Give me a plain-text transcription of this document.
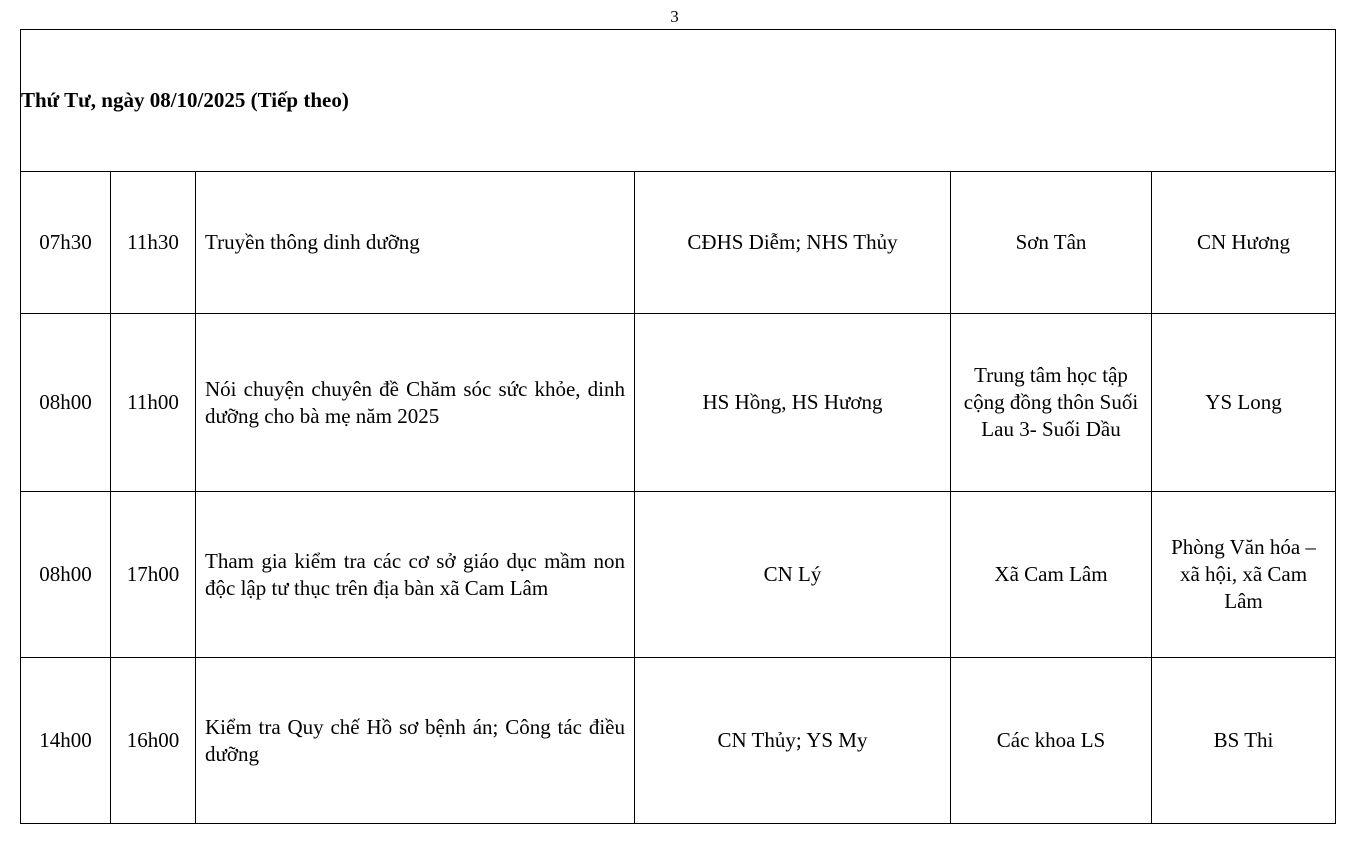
3
Thứ Tư, ngày 08/10/2025 (Tiếp theo)					
07h30	11h30	Truyền thông dinh dưỡng	CĐHS Diễm; NHS Thủy	Sơn Tân	CN Hương
08h00	11h00	Nói chuyện chuyên đề Chăm sóc sức khỏe, dinh dưỡng cho bà mẹ năm 2025	HS Hồng, HS Hương	Trung tâm học tập cộng đồng thôn Suối Lau 3- Suối Dầu	YS Long
08h00	17h00	Tham gia kiểm tra các cơ sở giáo dục mầm non độc lập tư thục trên địa bàn xã Cam Lâm	CN Lý	Xã Cam Lâm	Phòng Văn hóa – xã hội, xã Cam Lâm
14h00	16h00	Kiểm tra Quy chế Hồ sơ bệnh án; Công tác điều dưỡng	CN Thủy; YS My	Các khoa LS	BS Thi
